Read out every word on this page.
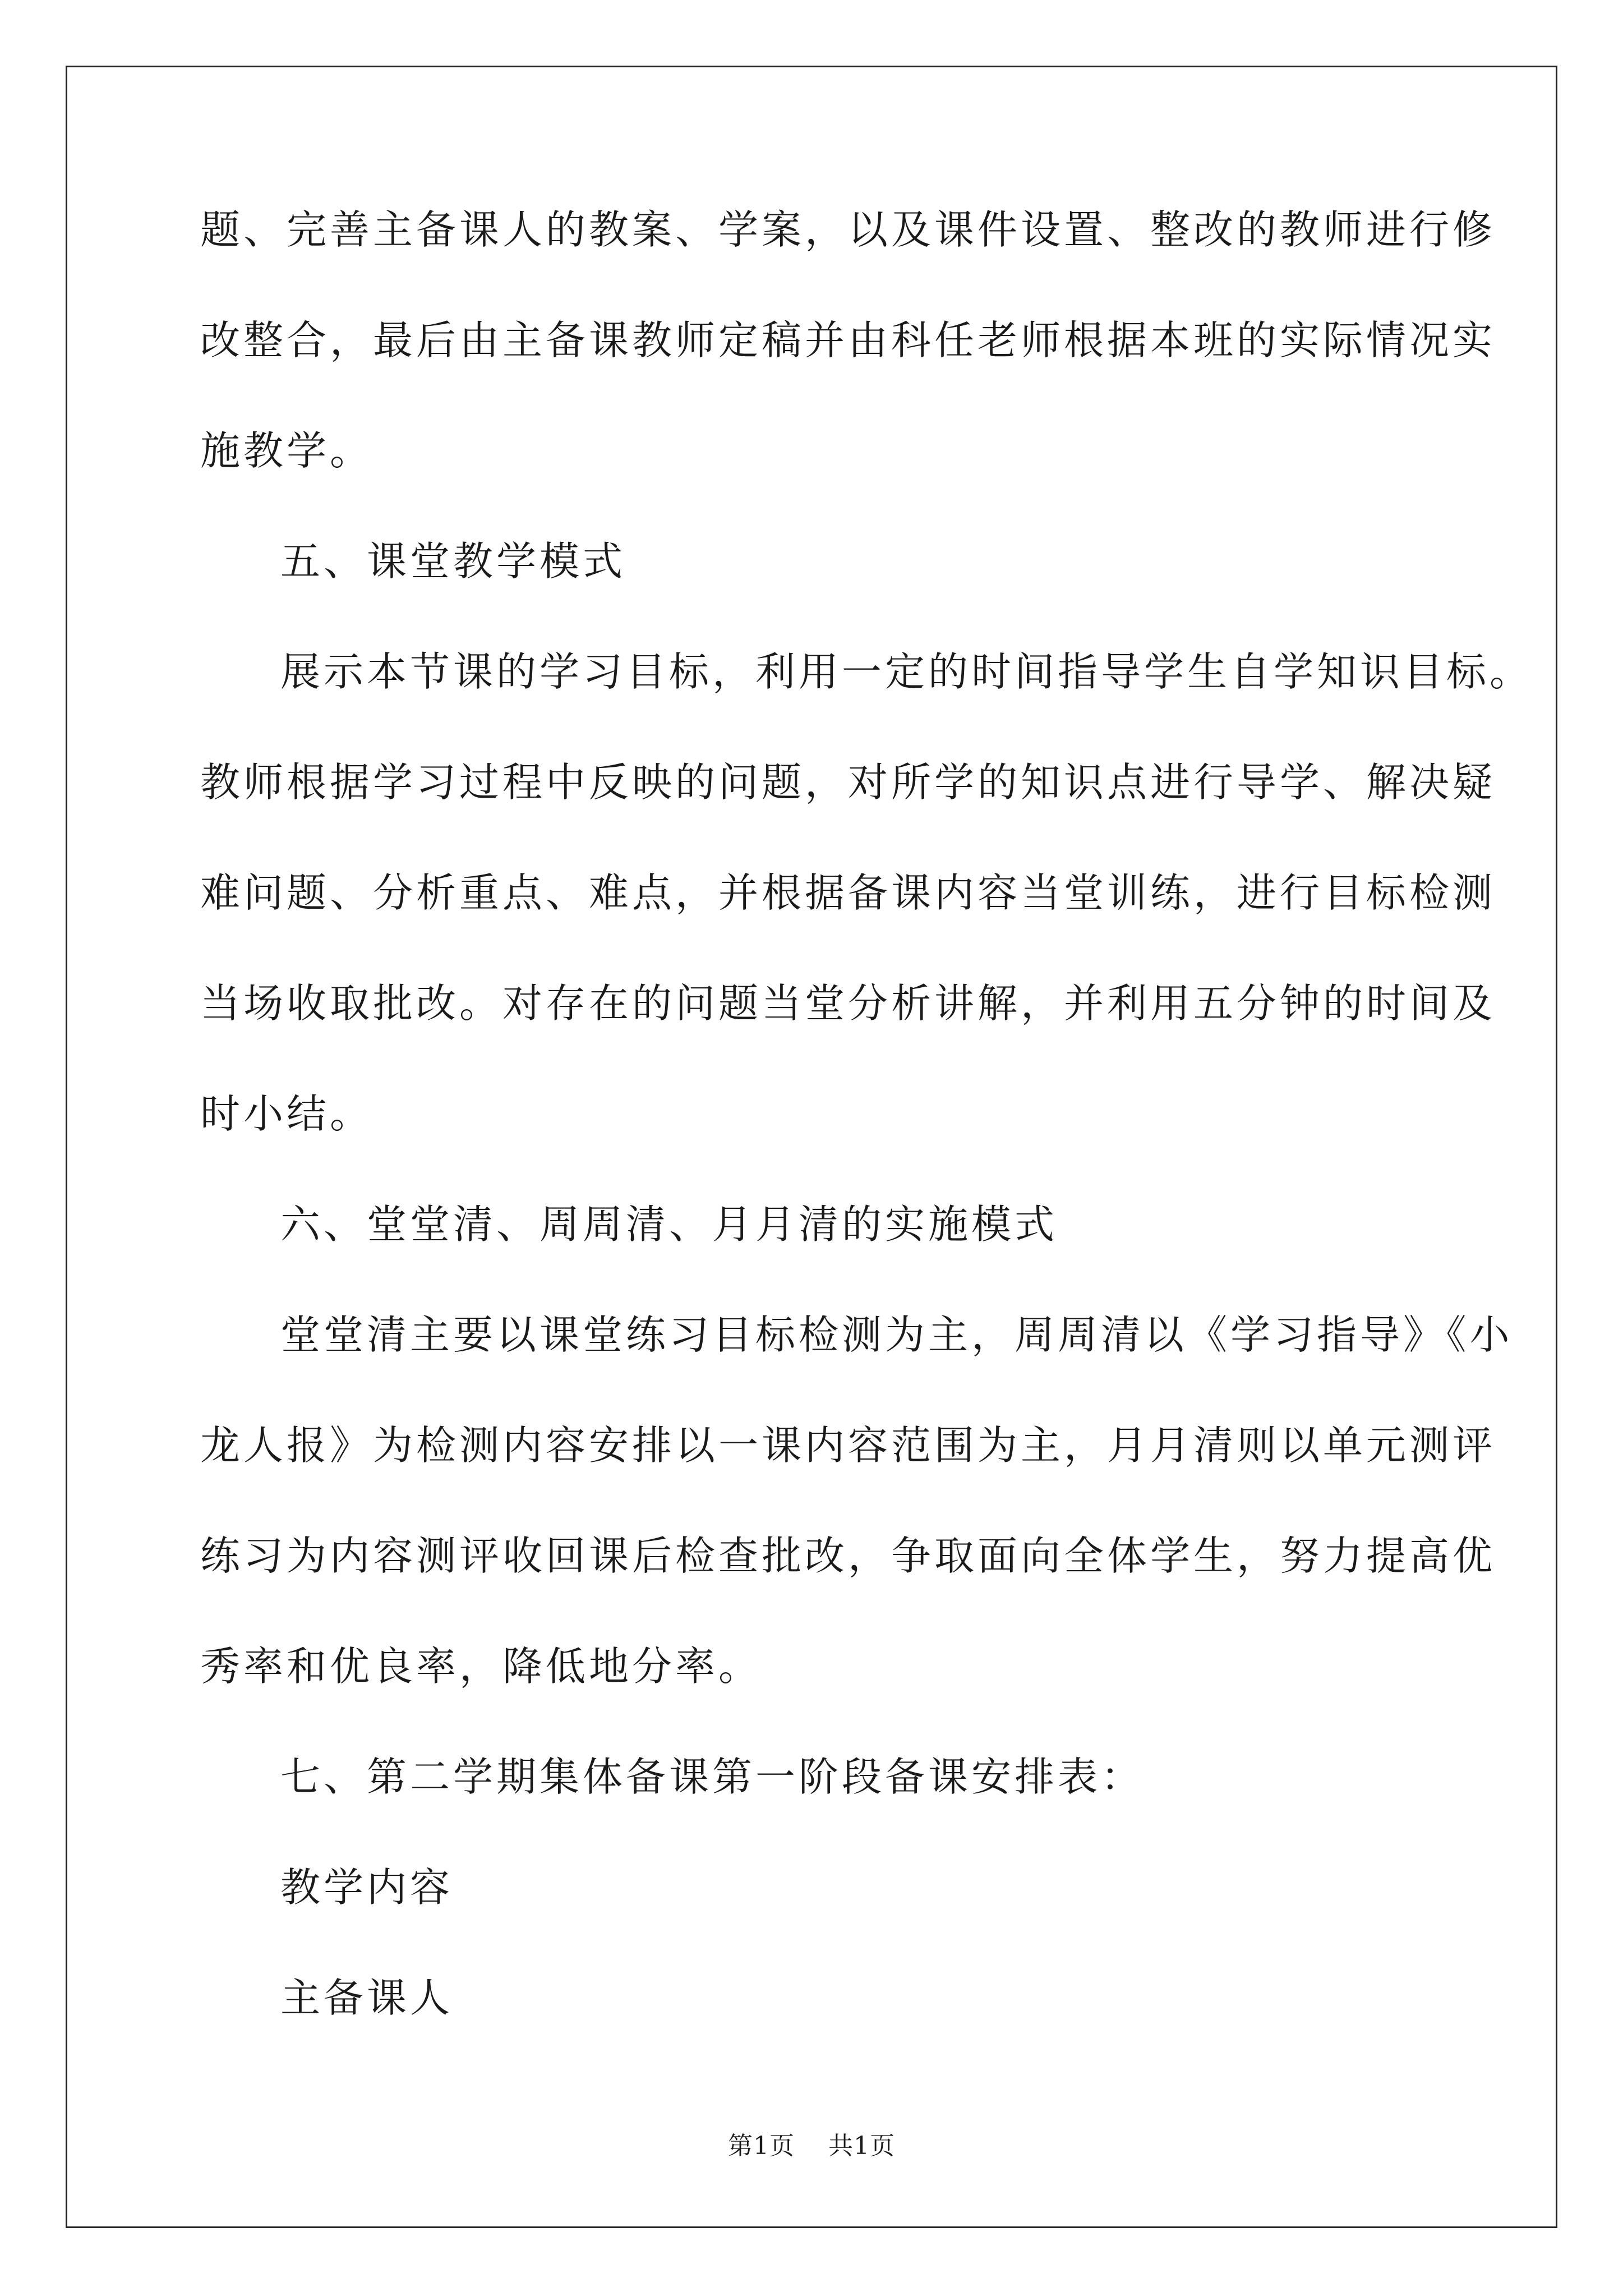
题、完善主备课人的教案、学案，以及课件设置、整改的教师进行修
改整合，最后由主备课教师定稿并由科任老师根据本班的实际情况实
施教学。
五、课堂教学模式
展示本节课的学习目标，利用一定的时间指导学生自学知识目标。
教师根据学习过程中反映的问题，对所学的知识点进行导学、解决疑
难问题、分析重点、难点，并根据备课内容当堂训练，进行目标检测
当场收取批改。对存在的问题当堂分析讲解，并利用五分钟的时间及
时小结。
六、堂堂清、周周清、月月清的实施模式
堂堂清主要以课堂练习目标检测为主，周周清以《学习指导》《小
龙人报》为检测内容安排以一课内容范围为主，月月清则以单元测评
练习为内容测评收回课后检查批改，争取面向全体学生，努力提高优
秀率和优良率，降低地分率。
七、第二学期集体备课第一阶段备课安排表：
教学内容
主备课人
第1页    共1页
